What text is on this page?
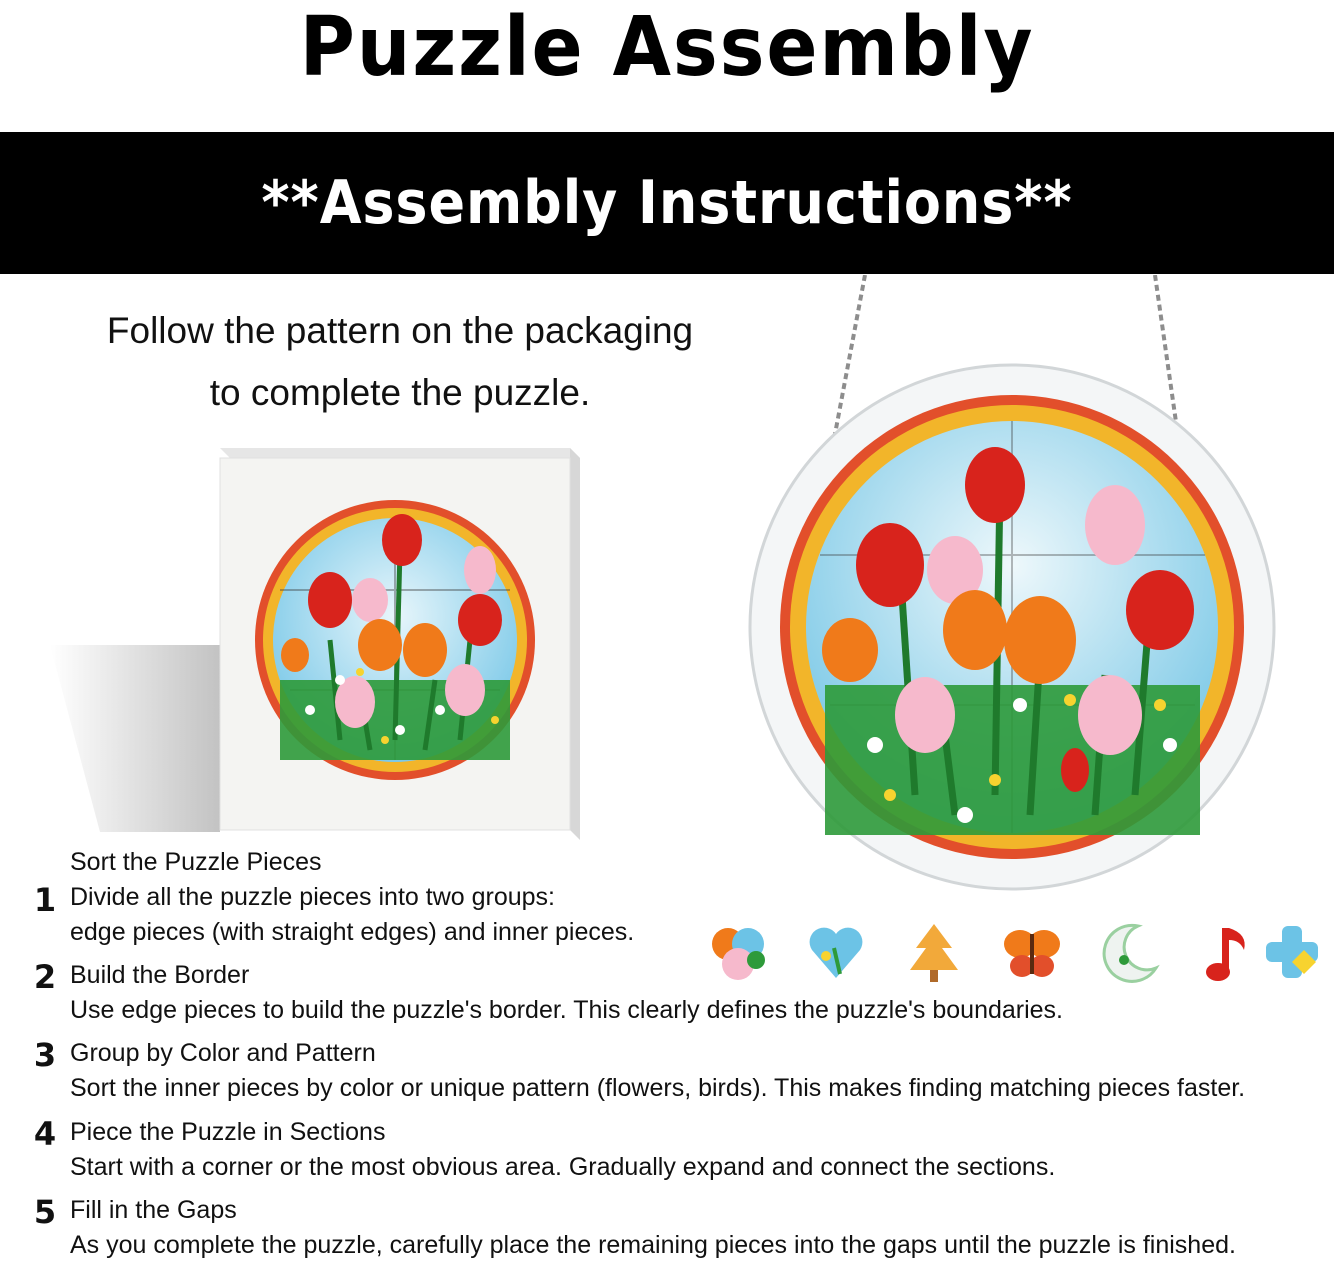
Puzzle Assembly
**Assembly Instructions**
Follow the pattern on the packaging
to complete the puzzle.
Sort the Puzzle Pieces
1 Divide all the puzzle pieces into two groups:
edge pieces (with straight edges) and inner pieces.
2 Build the Border
Use edge pieces to build the puzzle's border. This clearly defines the puzzle's boundaries.
3 Group by Color and Pattern
Sort the inner pieces by color or unique pattern (flowers, birds). This makes finding matching pieces faster.
4 Piece the Puzzle in Sections
Start with a corner or the most obvious area. Gradually expand and connect the sections.
5 Fill in the Gaps
As you complete the puzzle, carefully place the remaining pieces into the gaps until the puzzle is finished.
